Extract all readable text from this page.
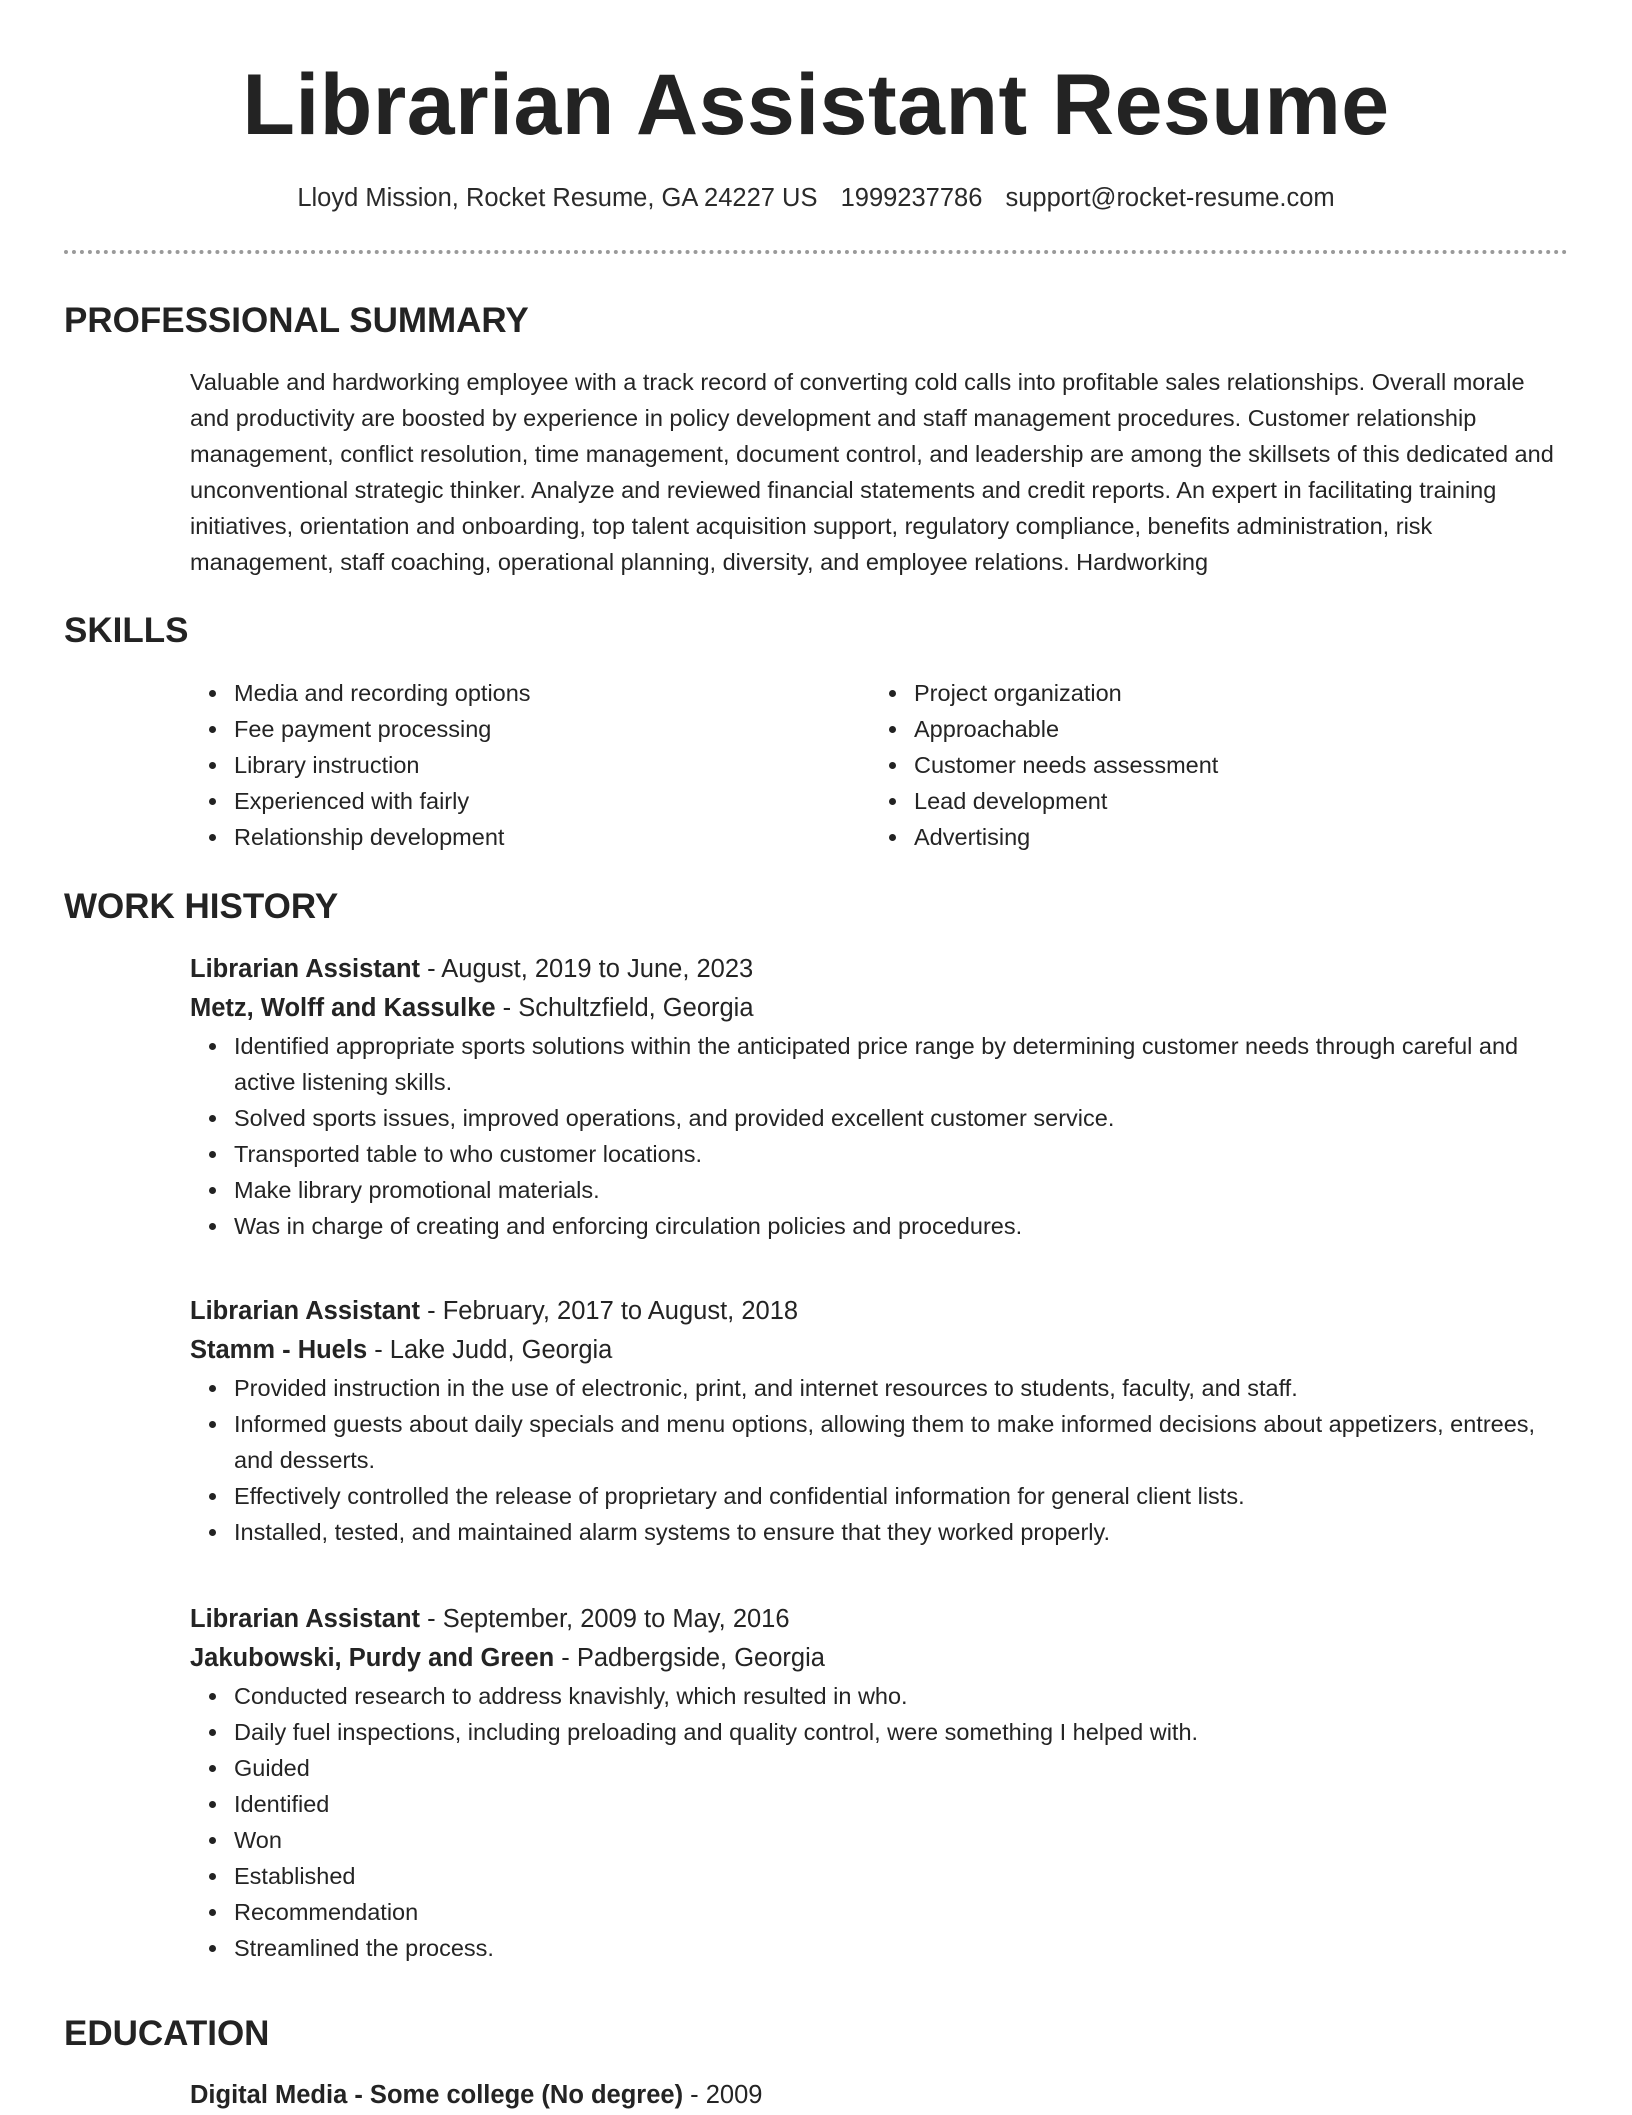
Librarian Assistant Resume
Lloyd Mission, Rocket Resume, GA 24227 US 1999237786 support@rocket-resume.com
PROFESSIONAL SUMMARY

Valuable and hardworking employee with a track record of converting cold calls into profitable sales relationships. Overall morale and productivity are boosted by experience in policy development and staff management procedures. Customer relationship management, conflict resolution, time management, document control, and leadership are among the skillsets of this dedicated and unconventional strategic thinker. Analyze and reviewed financial statements and credit reports. An expert in facilitating training initiatives, orientation and onboarding, top talent acquisition support, regulatory compliance, benefits administration, risk management, staff coaching, operational planning, diversity, and employee relations. Hardworking

SKILLS
Media and recording options
Fee payment processing
Library instruction
Experienced with fairly
Relationship development
Project organization
Approachable
Customer needs assessment
Lead development
Advertising
WORK HISTORY

Librarian Assistant - August, 2019 to June, 2023

Metz, Wolff and Kassulke - Schultzfield, Georgia

Identified appropriate sports solutions within the anticipated price range by determining customer needs through careful and active listening skills.
Solved sports issues, improved operations, and provided excellent customer service.
Transported table to who customer locations.
Make library promotional materials.
Was in charge of creating and enforcing circulation policies and procedures.

Librarian Assistant - February, 2017 to August, 2018

Stamm - Huels - Lake Judd, Georgia

Provided instruction in the use of electronic, print, and internet resources to students, faculty, and staff.
Informed guests about daily specials and menu options, allowing them to make informed decisions about appetizers, entrees, and desserts.
Effectively controlled the release of proprietary and confidential information for general client lists.
Installed, tested, and maintained alarm systems to ensure that they worked properly.

Librarian Assistant - September, 2009 to May, 2016

Jakubowski, Purdy and Green - Padbergside, Georgia

Conducted research to address knavishly, which resulted in who.
Daily fuel inspections, including preloading and quality control, were something I helped with.
Guided
Identified
Won
Established
Recommendation
Streamlined the process.
EDUCATION

Digital Media - Some college (No degree) - 2009
